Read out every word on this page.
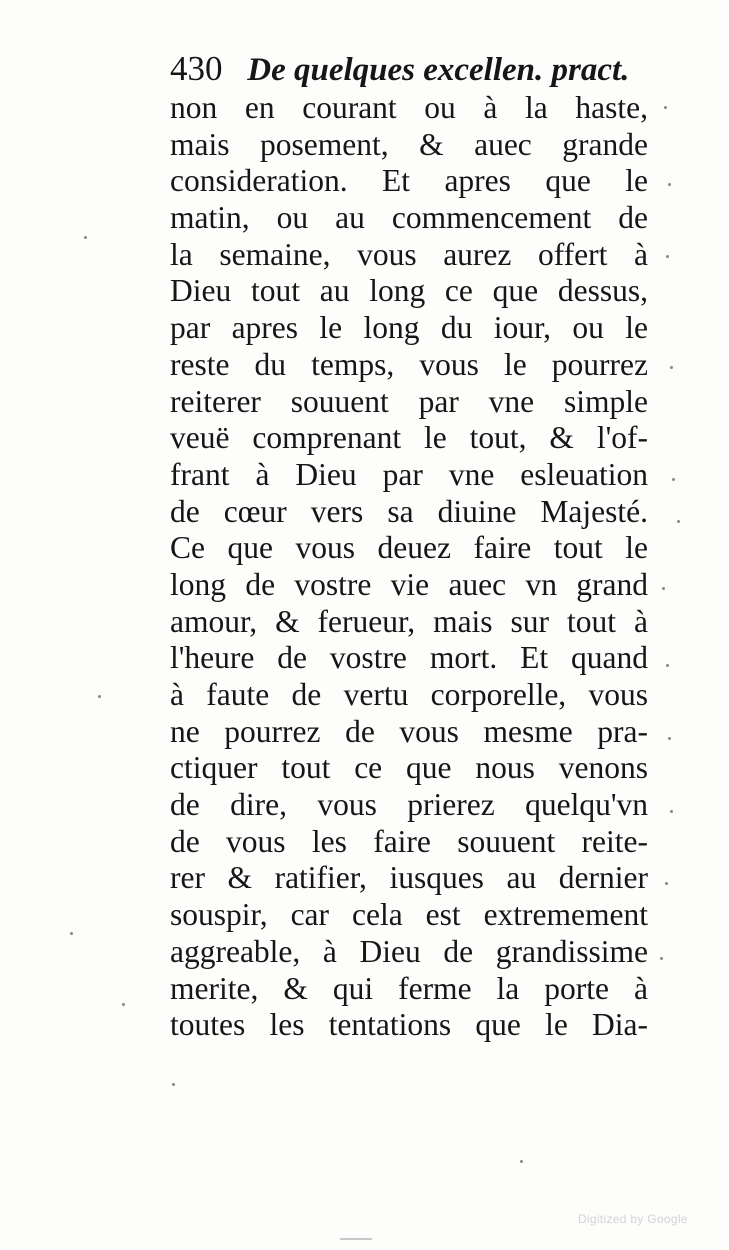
430 De quelques excellen. pract.
non en courant ou à la haste,
mais posement, & auec grande
consideration. Et apres que le
matin, ou au commencement de
la semaine, vous aurez offert à
Dieu tout au long ce que dessus,
par apres le long du iour, ou le
reste du temps, vous le pourrez
reiterer souuent par vne simple
veuë comprenant le tout, & l'of-
frant à Dieu par vne esleuation
de cœur vers sa diuine Majesté.
Ce que vous deuez faire tout le
long de vostre vie auec vn grand
amour, & ferueur, mais sur tout à
l'heure de vostre mort. Et quand
à faute de vertu corporelle, vous
ne pourrez de vous mesme pra-
ctiquer tout ce que nous venons
de dire, vous prierez quelqu'vn
de vous les faire souuent reite-
rer & ratifier, iusques au dernier
souspir, car cela est extremement
aggreable, à Dieu de grandissime
merite, & qui ferme la porte à
toutes les tentations que le Dia-
Digitized by Google
